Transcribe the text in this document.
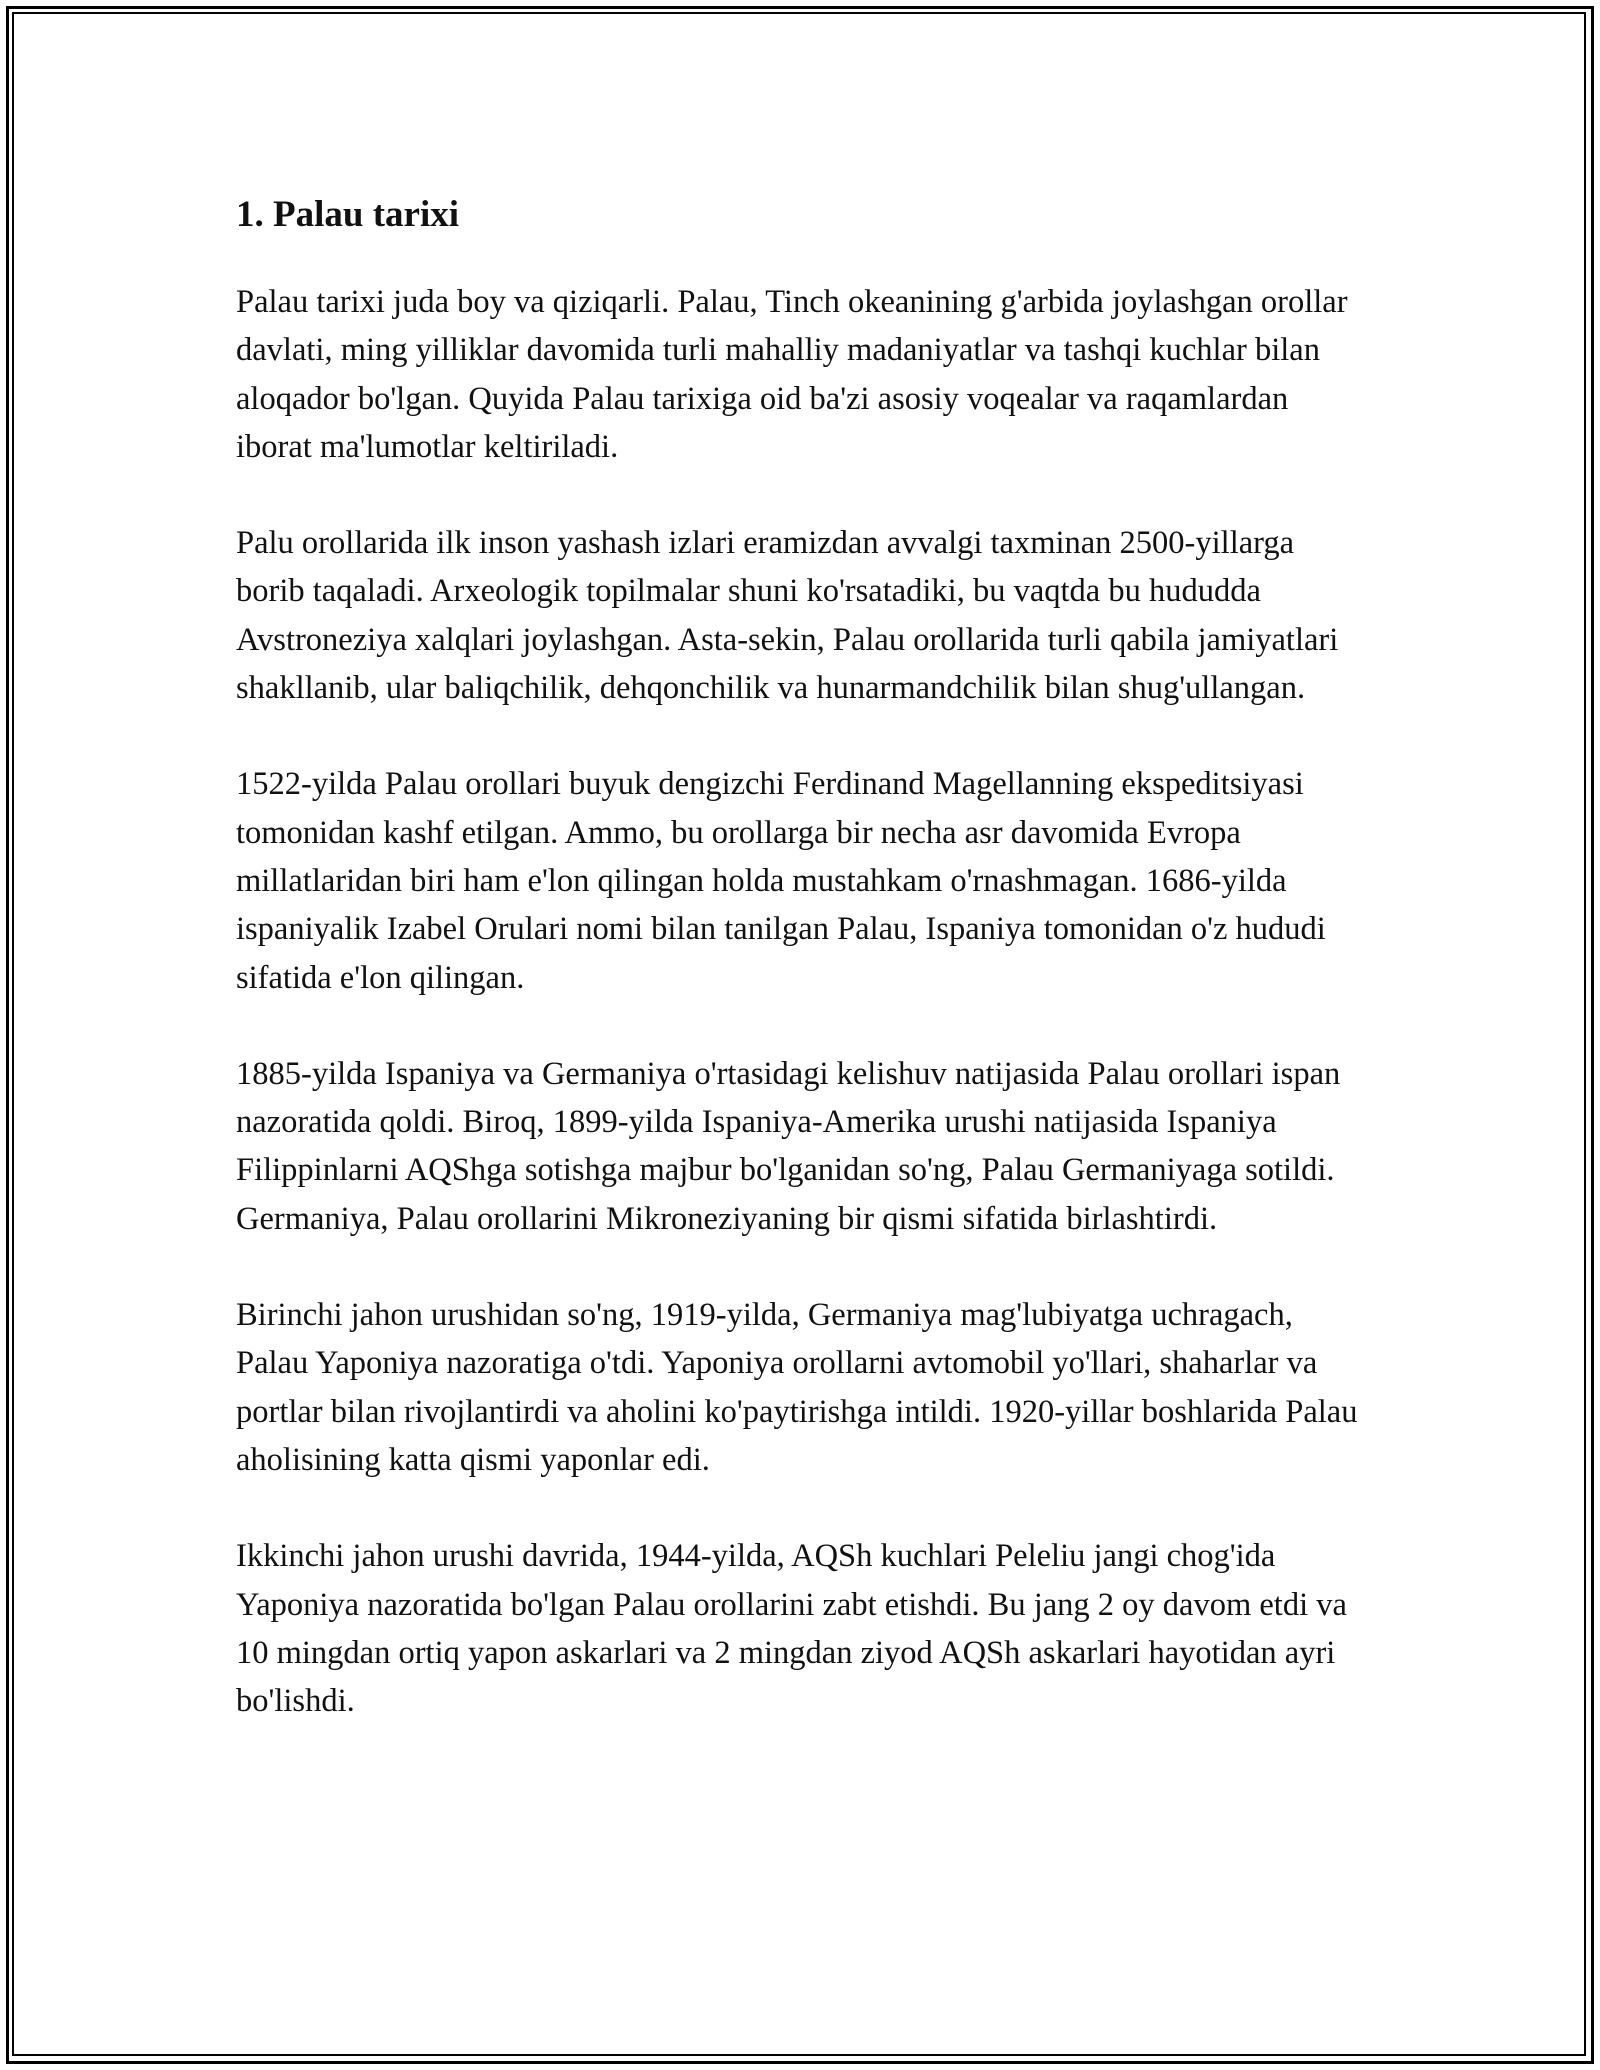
1. Palau tarixi

Palau tarixi juda boy va qiziqarli. Palau, Tinch okeanining g'arbida joylashgan orollar davlati, ming yilliklar davomida turli mahalliy madaniyatlar va tashqi kuchlar bilan aloqador bo'lgan. Quyida Palau tarixiga oid ba'zi asosiy voqealar va raqamlardan iborat ma'lumotlar keltiriladi.

Palu orollarida ilk inson yashash izlari eramizdan avvalgi taxminan 2500-yillarga borib taqaladi. Arxeologik topilmalar shuni ko'rsatadiki, bu vaqtda bu hududda Avstroneziya xalqlari joylashgan. Asta-sekin, Palau orollarida turli qabila jamiyatlari shakllanib, ular baliqchilik, dehqonchilik va hunarmandchilik bilan shug'ullangan.

1522-yilda Palau orollari buyuk dengizchi Ferdinand Magellanning ekspeditsiyasi tomonidan kashf etilgan. Ammo, bu orollarga bir necha asr davomida Evropa millatlaridan biri ham e'lon qilingan holda mustahkam o'rnashmagan. 1686-yilda ispaniyalik Izabel Orulari nomi bilan tanilgan Palau, Ispaniya tomonidan o'z hududi sifatida e'lon qilingan.

1885-yilda Ispaniya va Germaniya o'rtasidagi kelishuv natijasida Palau orollari ispan nazoratida qoldi. Biroq, 1899-yilda Ispaniya-Amerika urushi natijasida Ispaniya Filippinlarni AQShga sotishga majbur bo'lganidan so'ng, Palau Germaniyaga sotildi. Germaniya, Palau orollarini Mikroneziyaning bir qismi sifatida birlashtirdi.

Birinchi jahon urushidan so'ng, 1919-yilda, Germaniya mag'lubiyatga uchragach, Palau Yaponiya nazoratiga o'tdi. Yaponiya orollarni avtomobil yo'llari, shaharlar va portlar bilan rivojlantirdi va aholini ko'paytirishga intildi. 1920-yillar boshlarida Palau aholisining katta qismi yaponlar edi.

Ikkinchi jahon urushi davrida, 1944-yilda, AQSh kuchlari Peleliu jangi chog'ida Yaponiya nazoratida bo'lgan Palau orollarini zabt etishdi. Bu jang 2 oy davom etdi va 10 mingdan ortiq yapon askarlari va 2 mingdan ziyod AQSh askarlari hayotidan ayri bo'lishdi.
